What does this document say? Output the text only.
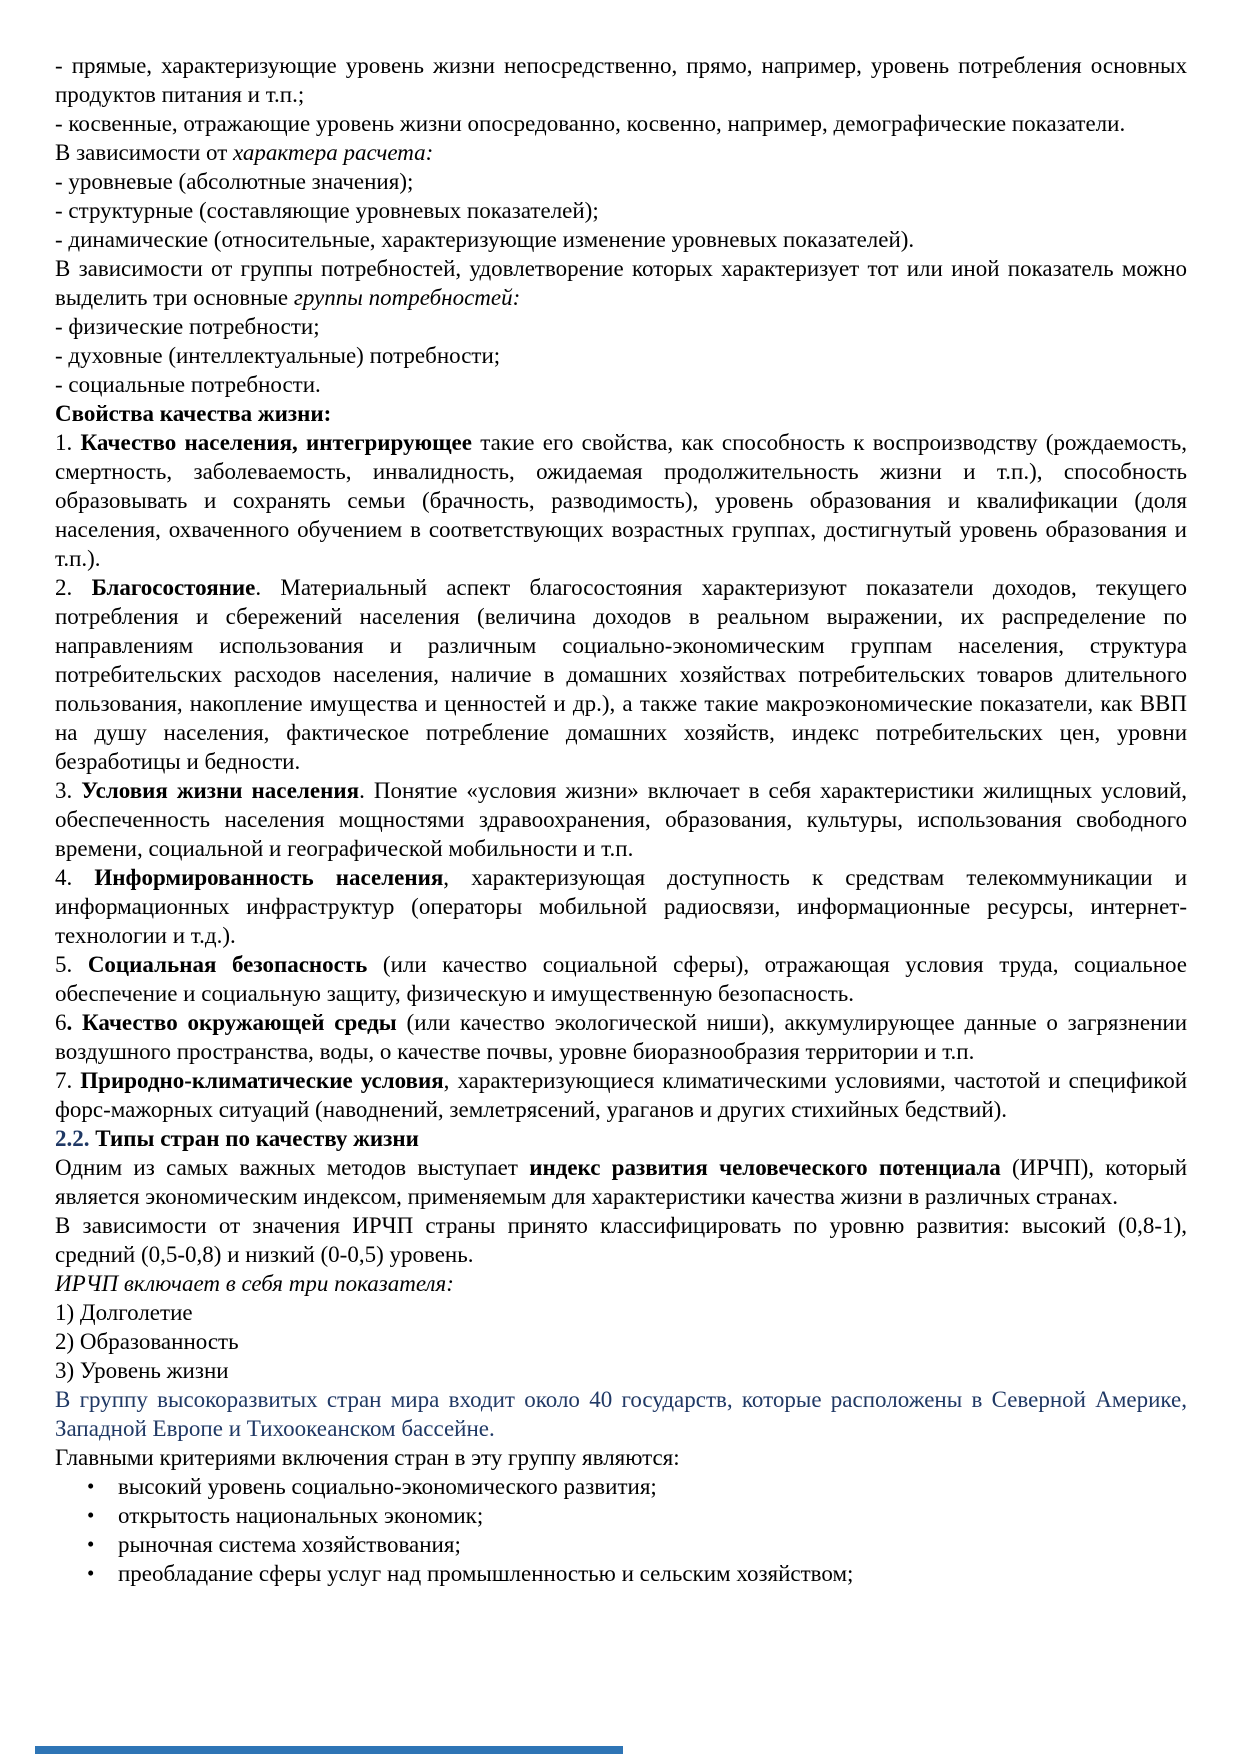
- прямые, характеризующие уровень жизни непосредственно, прямо, например, уровень потребления основных продуктов питания и т.п.;
- косвенные, отражающие уровень жизни опосредованно, косвенно, например, демографические показатели.
В зависимости от характера расчета:
- уровневые (абсолютные значения);
- структурные (составляющие уровневых показателей);
- динамические (относительные, характеризующие изменение уровневых показателей).
В зависимости от группы потребностей, удовлетворение которых характеризует тот или иной показатель можно выделить три основные группы потребностей:
- физические потребности;
- духовные (интеллектуальные) потребности;
- социальные потребности.
Свойства качества жизни:
1. Качество населения, интегрирующее такие его свойства, как способность к воспроизводству (рождаемость, смертность, заболеваемость, инвалидность, ожидаемая продолжительность жизни и т.п.), способность образовывать и сохранять семьи (брачность, разводимость), уровень образования и квалификации (доля населения, охваченного обучением в соответствующих возрастных группах, достигнутый уровень образования и т.п.).
2. Благосостояние. Материальный аспект благосостояния характеризуют показатели доходов, текущего потребления и сбережений населения (величина доходов в реальном выражении, их распределение по направлениям использования и различным социально-экономическим группам населения, структура потребительских расходов населения, наличие в домашних хозяйствах потребительских товаров длительного пользования, накопление имущества и ценностей и др.), а также такие макроэкономические показатели, как ВВП на душу населения, фактическое потребление домашних хозяйств, индекс потребительских цен, уровни безработицы и бедности.
3. Условия жизни населения. Понятие «условия жизни» включает в себя характеристики жилищных условий, обеспеченность населения мощностями здравоохранения, образования, культуры, использования свободного времени, социальной и географической мобильности и т.п.
4. Информированность населения, характеризующая доступность к средствам телекоммуникации и информационных инфраструктур (операторы мобильной радиосвязи, информационные ресурсы, интернет-технологии и т.д.).
5. Социальная безопасность (или качество социальной сферы), отражающая условия труда, социальное обеспечение и социальную защиту, физическую и имущественную безопасность.
6. Качество окружающей среды (или качество экологической ниши), аккумулирующее данные о загрязнении воздушного пространства, воды, о качестве почвы, уровне биоразнообразия территории и т.п.
7. Природно-климатические условия, характеризующиеся климатическими условиями, частотой и спецификой форс-мажорных ситуаций (наводнений, землетрясений, ураганов и других стихийных бедствий).
2.2. Типы стран по качеству жизни
Одним из самых важных методов выступает индекс развития человеческого потенциала (ИРЧП), который является экономическим индексом, применяемым для характеристики качества жизни в различных странах.
В зависимости от значения ИРЧП страны принято классифицировать по уровню развития: высокий (0,8-1), средний (0,5-0,8) и низкий (0-0,5) уровень.
ИРЧП включает в себя три показателя:
1) Долголетие
2) Образованность
3) Уровень жизни
В группу высокоразвитых стран мира входит около 40 государств, которые расположены в Северной Америке, Западной Европе и Тихоокеанском бассейне.
Главными критериями включения стран в эту группу являются:
•	высокий уровень социально-экономического развития;
•	открытость национальных экономик;
•	рыночная система хозяйствования;
•	преобладание сферы услуг над промышленностью и сельским хозяйством;
